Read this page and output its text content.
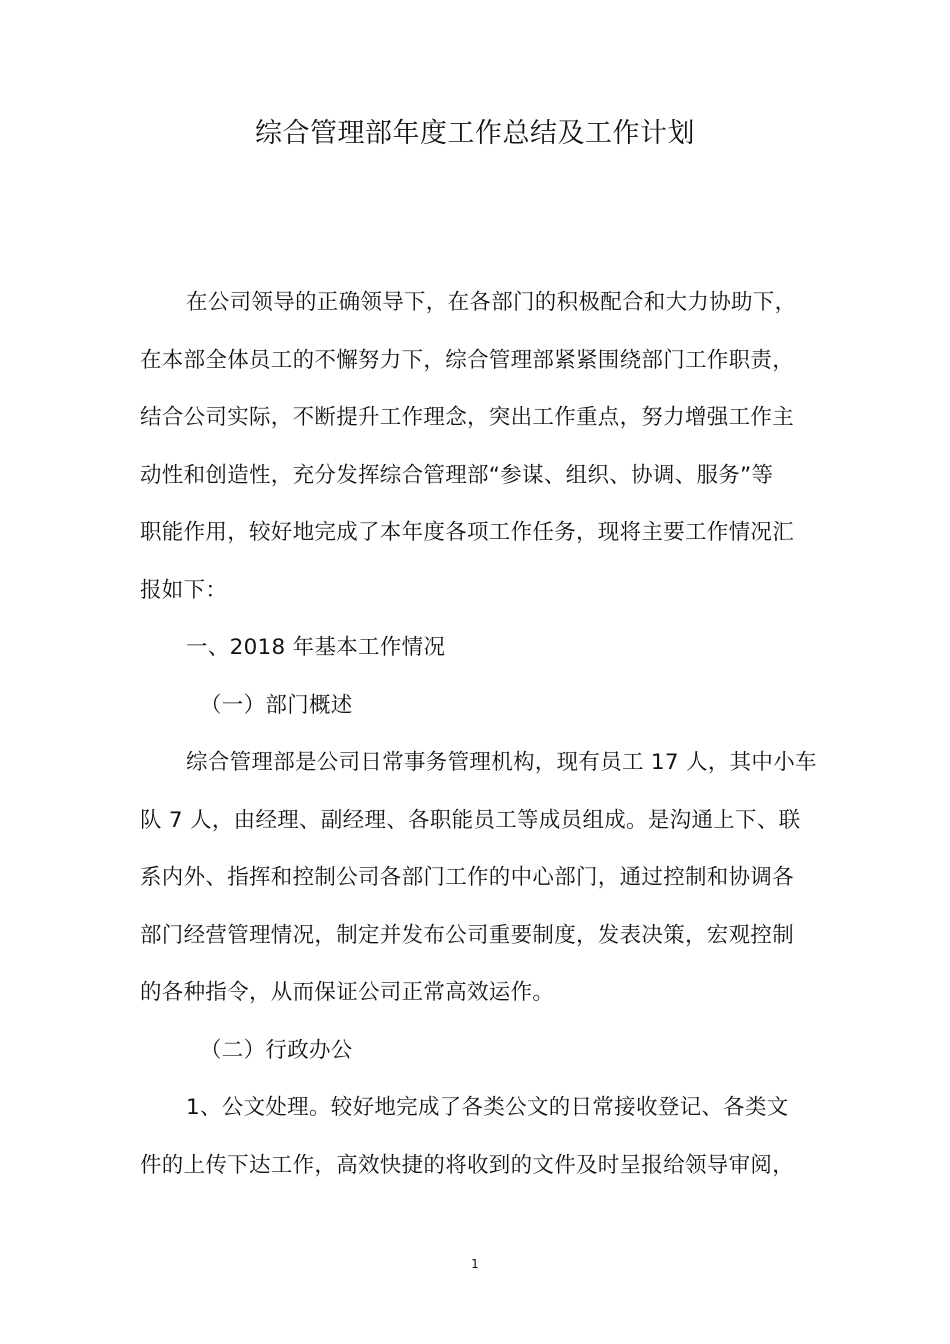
综合管理部年度工作总结及工作计划
在公司领导的正确领导下，在各部门的积极配合和大力协助下，
在本部全体员工的不懈努力下，综合管理部紧紧围绕部门工作职责，
结合公司实际，不断提升工作理念，突出工作重点，努力增强工作主
动性和创造性，充分发挥综合管理部“参谋、组织、协调、服务”等
职能作用，较好地完成了本年度各项工作任务，现将主要工作情况汇
报如下：
一、2018 年基本工作情况
（一）部门概述
综合管理部是公司日常事务管理机构，现有员工 17 人，其中小车
队 7 人，由经理、副经理、各职能员工等成员组成。是沟通上下、联
系内外、指挥和控制公司各部门工作的中心部门，通过控制和协调各
部门经营管理情况，制定并发布公司重要制度，发表决策，宏观控制
的各种指令，从而保证公司正常高效运作。
（二）行政办公
1、公文处理。较好地完成了各类公文的日常接收登记、各类文
件的上传下达工作，高效快捷的将收到的文件及时呈报给领导审阅，
1
